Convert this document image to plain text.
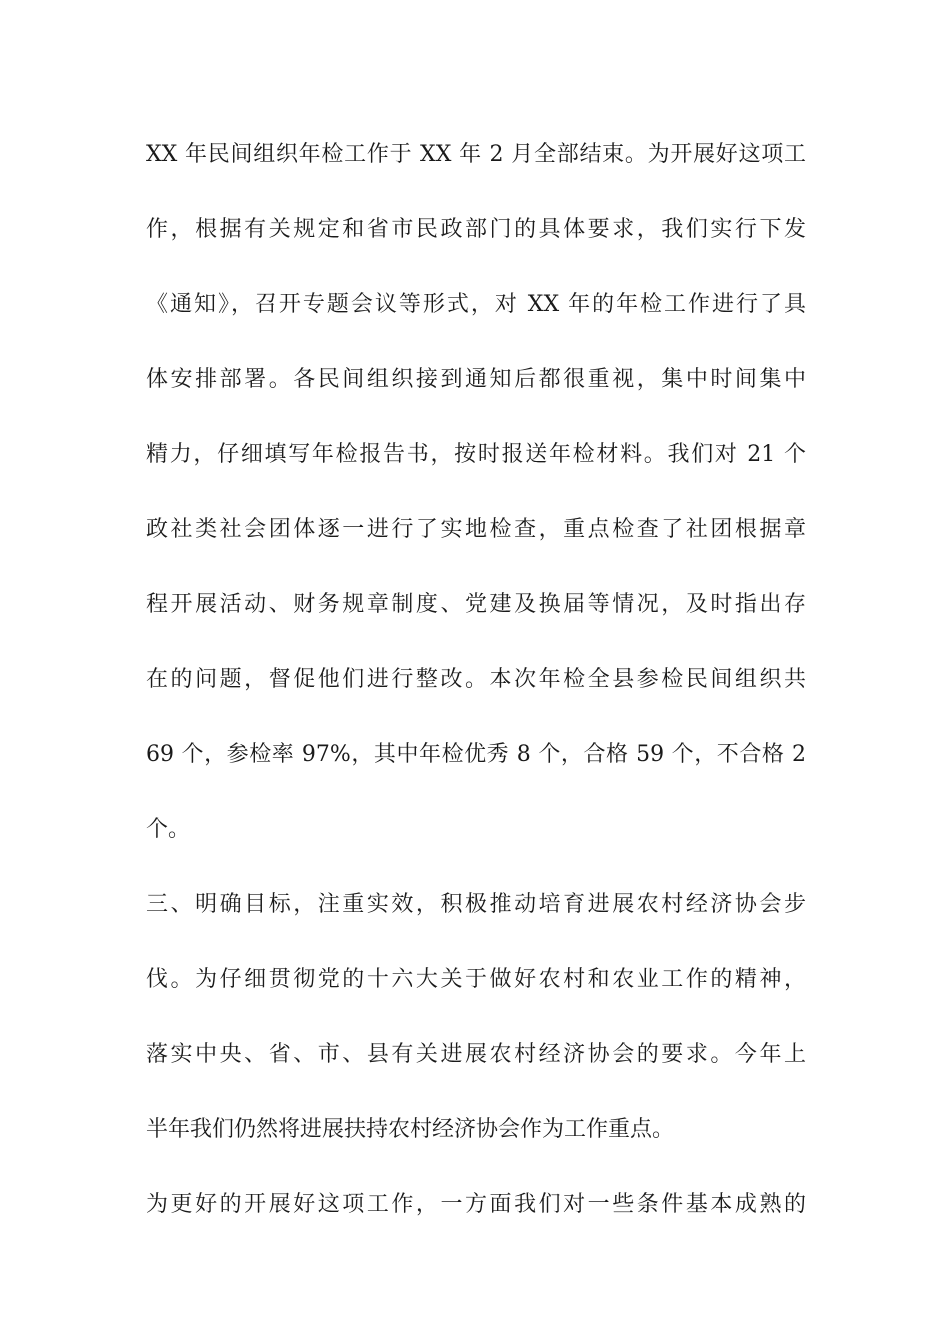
XX 年民间组织年检工作于 XX 年 2 月全部结束。为开展好这项工
作，根据有关规定和省市民政部门的具体要求，我们实行下发
《通知》，召开专题会议等形式，对 XX 年的年检工作进行了具
体安排部署。各民间组织接到通知后都很重视，集中时间集中
精力，仔细填写年检报告书，按时报送年检材料。我们对 21 个
政社类社会团体逐一进行了实地检查，重点检查了社团根据章
程开展活动、财务规章制度、党建及换届等情况，及时指出存
在的问题，督促他们进行整改。本次年检全县参检民间组织共
69 个，参检率 97%，其中年检优秀 8 个，合格 59 个，不合格 2
个。
三、明确目标，注重实效，积极推动培育进展农村经济协会步
伐。为仔细贯彻党的十六大关于做好农村和农业工作的精神，
落实中央、省、市、县有关进展农村经济协会的要求。今年上
半年我们仍然将进展扶持农村经济协会作为工作重点。
为更好的开展好这项工作，一方面我们对一些条件基本成熟的
